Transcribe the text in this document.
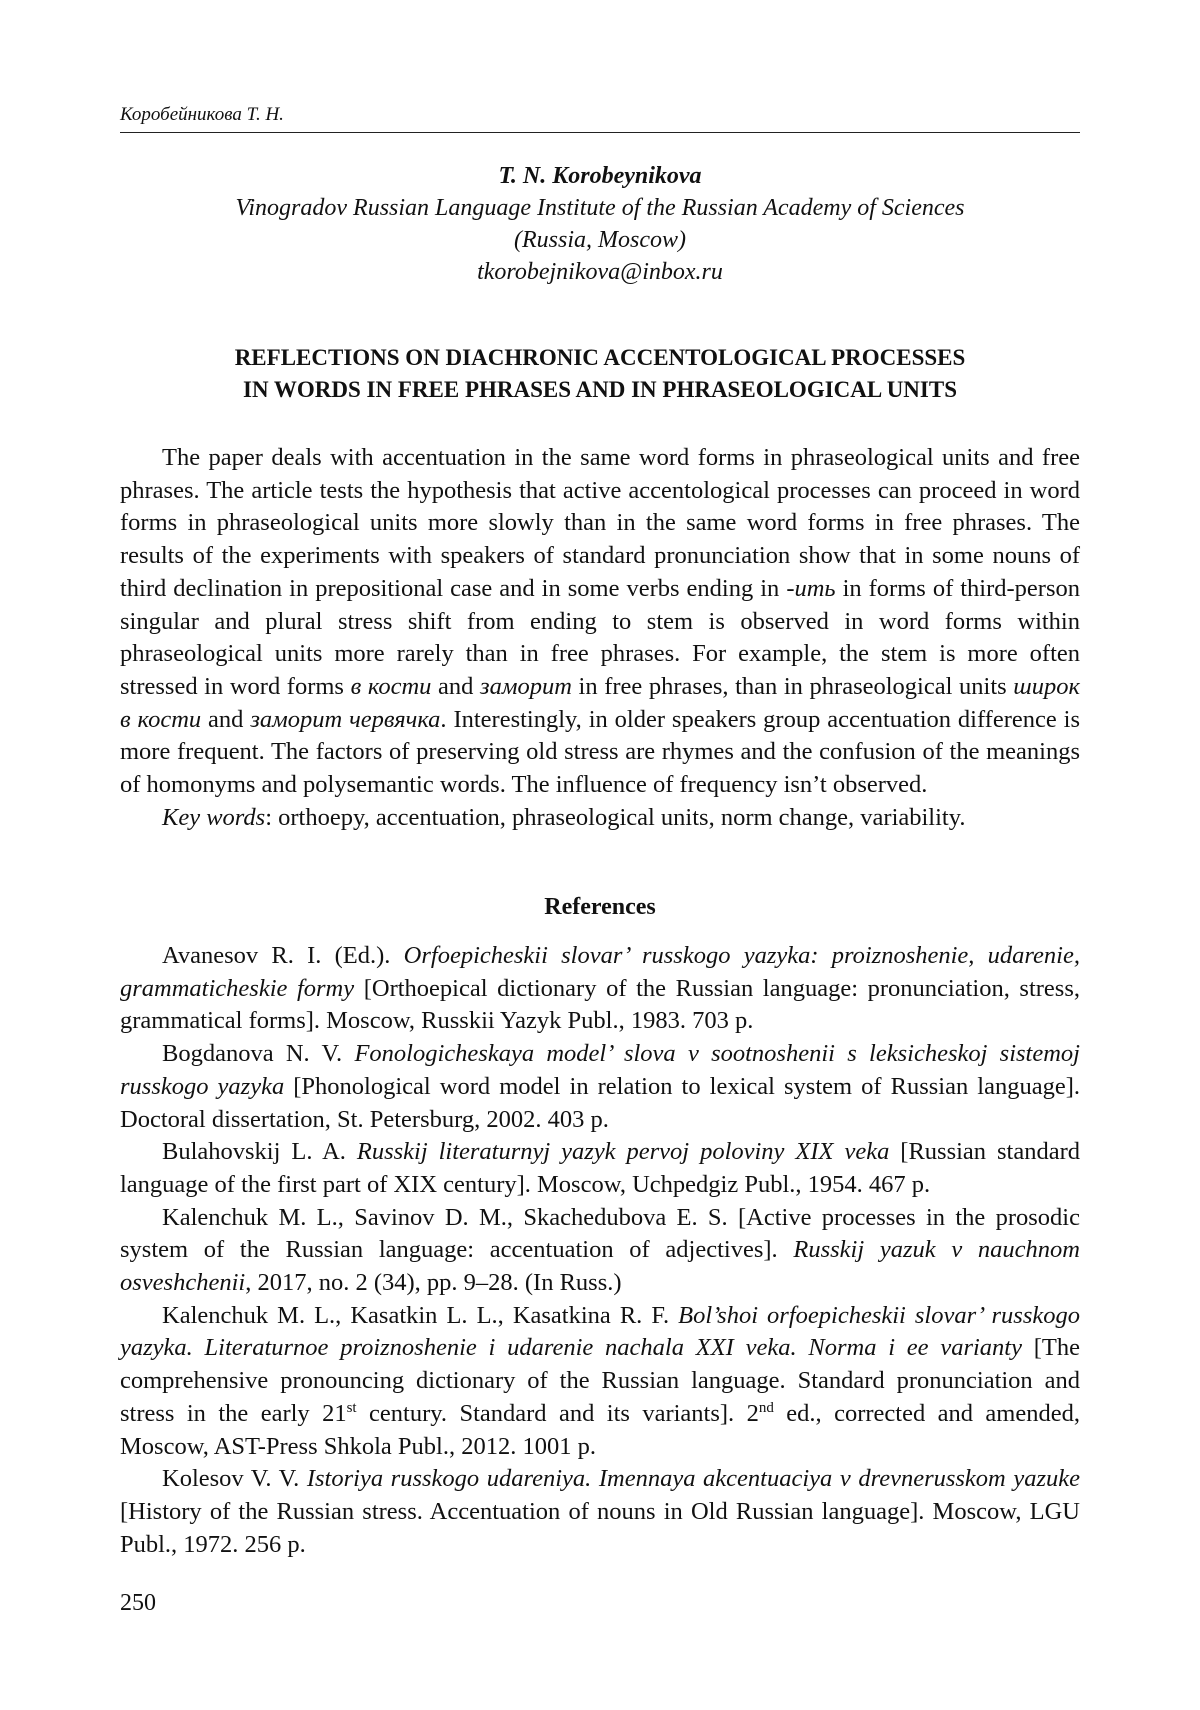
Коробейникова Т. Н.
T. N. Korobeynikova
Vinogradov Russian Language Institute of the Russian Academy of Sciences
(Russia, Moscow)
tkorobejnikova@inbox.ru
REFLECTIONS ON DIACHRONIC ACCENTOLOGICAL PROCESSES
IN WORDS IN FREE PHRASES AND IN PHRASEOLOGICAL UNITS

The paper deals with accentuation in the same word forms in phraseological units and free phrases. The article tests the hypothesis that active accentological processes can proceed in word forms in phraseological units more slowly than in the same word forms in free phrases. The results of the experiments with speakers of standard pronunciation show that in some nouns of third declination in prepositional case and in some verbs ending in -ить in forms of third-person singular and plural stress shift from ending to stem is observed in word forms within phraseological units more rarely than in free phrases. For example, the stem is more often stressed in word forms в кости and заморит in free phrases, than in phraseological units широк в кости and заморит червячка. Interestingly, in older speakers group accentuation difference is more frequent. The factors of preserving old stress are rhymes and the confusion of the meanings of homonyms and polysemantic words. The influence of frequency isn’t observed.

Key words: orthoepy, accentuation, phraseological units, norm change, variability.

References

Avanesov R. I. (Ed.). Orfoepicheskii slovar’ russkogo yazyka: proiznoshenie, udarenie, grammaticheskie formy [Orthoepical dictionary of the Russian language: pronunciation, stress, grammatical forms]. Moscow, Russkii Yazyk Publ., 1983. 703 p.

Bogdanova N. V. Fonologicheskaya model’ slova v sootnoshenii s leksicheskoj sistemoj russkogo yazyka [Phonological word model in relation to lexical system of Russian language]. Doctoral dissertation, St. Petersburg, 2002. 403 p.

Bulahovskij L. A. Russkij literaturnyj yazyk pervoj poloviny XIX veka [Russian standard language of the first part of XIX century]. Moscow, Uchpedgiz Publ., 1954. 467 p.

Kalenchuk M. L., Savinov D. M., Skachedubova E. S. [Active processes in the prosodic system of the Russian language: accentuation of adjectives]. Russkij yazuk v nauchnom osveshchenii, 2017, no. 2 (34), pp. 9–28. (In Russ.)

Kalenchuk M. L., Kasatkin L. L., Kasatkina R. F. Bol’shoi orfoepicheskii slovar’ russkogo yazyka. Literaturnoe proiznoshenie i udarenie nachala XXI veka. Norma i ee varianty [The comprehensive pronouncing dictionary of the Russian language. Standard pronunciation and stress in the early 21st century. Standard and its variants]. 2nd ed., corrected and amended, Moscow, AST-Press Shkola Publ., 2012. 1001 p.

Kolesov V. V. Istoriya russkogo udareniya. Imennaya akcentuaciya v drevnerusskom yazuke [History of the Russian stress. Accentuation of nouns in Old Russian language]. Moscow, LGU Publ., 1972. 256 p.

250
